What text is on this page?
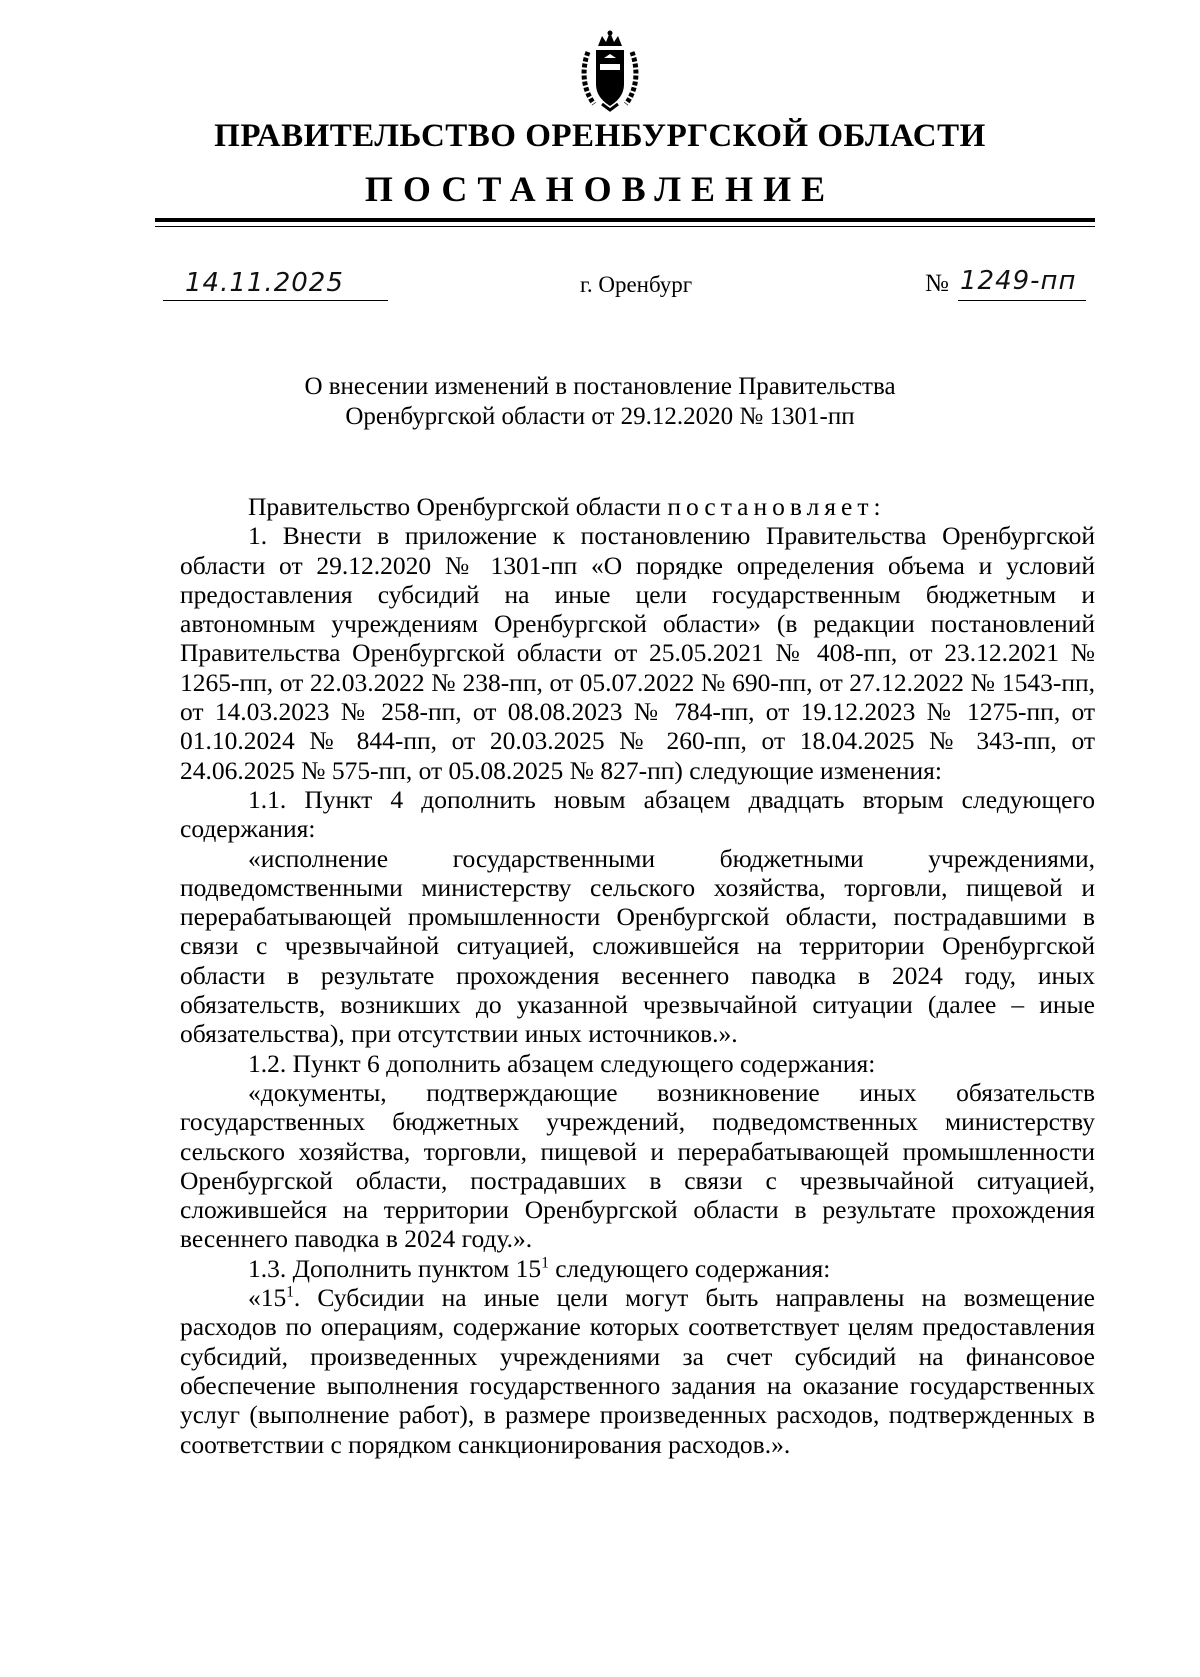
ПРАВИТЕЛЬСТВО ОРЕНБУРГСКОЙ ОБЛАСТИ
ПОСТАНОВЛЕНИЕ
14.11.2025	г. Оренбург	№ 1249-пп
О внесении изменений в постановление Правительства
Оренбургской области от 29.12.2020 № 1301-пп

Правительство Оренбургской области постановляет:

1. Внести в приложение к постановлению Правительства Оренбургской области от 29.12.2020 № 1301-пп «О порядке определения объема и условий предоставления субсидий на иные цели государственным бюджетным и автономным учреждениям Оренбургской области» (в редакции постановлений Правительства Оренбургской области от 25.05.2021 № 408-пп, от 23.12.2021 № 1265-пп, от 22.03.2022 № 238-пп, от 05.07.2022 № 690-пп, от 27.12.2022 № 1543-пп, от 14.03.2023 № 258-пп, от 08.08.2023 № 784-пп, от 19.12.2023 № 1275-пп, от 01.10.2024 № 844-пп, от 20.03.2025 № 260-пп, от 18.04.2025 № 343-пп, от 24.06.2025 № 575-пп, от 05.08.2025 № 827-пп) следующие изменения:

1.1. Пункт 4 дополнить новым абзацем двадцать вторым следующего содержания:

«исполнение государственными бюджетными учреждениями, подведомственными министерству сельского хозяйства, торговли, пищевой и перерабатывающей промышленности Оренбургской области, пострадавшими в связи с чрезвычайной ситуацией, сложившейся на территории Оренбургской области в результате прохождения весеннего паводка в 2024 году, иных обязательств, возникших до указанной чрезвычайной ситуации (далее – иные обязательства), при отсутствии иных источников.».

1.2. Пункт 6 дополнить абзацем следующего содержания:

«документы, подтверждающие возникновение иных обязательств государственных бюджетных учреждений, подведомственных министерству сельского хозяйства, торговли, пищевой и перерабатывающей промышленности Оренбургской области, пострадавших в связи с чрезвычайной ситуацией, сложившейся на территории Оренбургской области в результате прохождения весеннего паводка в 2024 году.».

1.3. Дополнить пунктом $15^1$ следующего содержания:

«$15^1$. Субсидии на иные цели могут быть направлены на возмещение расходов по операциям, содержание которых соответствует целям предоставления субсидий, произведенных учреждениями за счет субсидий на финансовое обеспечение выполнения государственного задания на оказание государственных услуг (выполнение работ), в размере произведенных расходов, подтвержденных в соответствии с порядком санкционирования расходов.».
